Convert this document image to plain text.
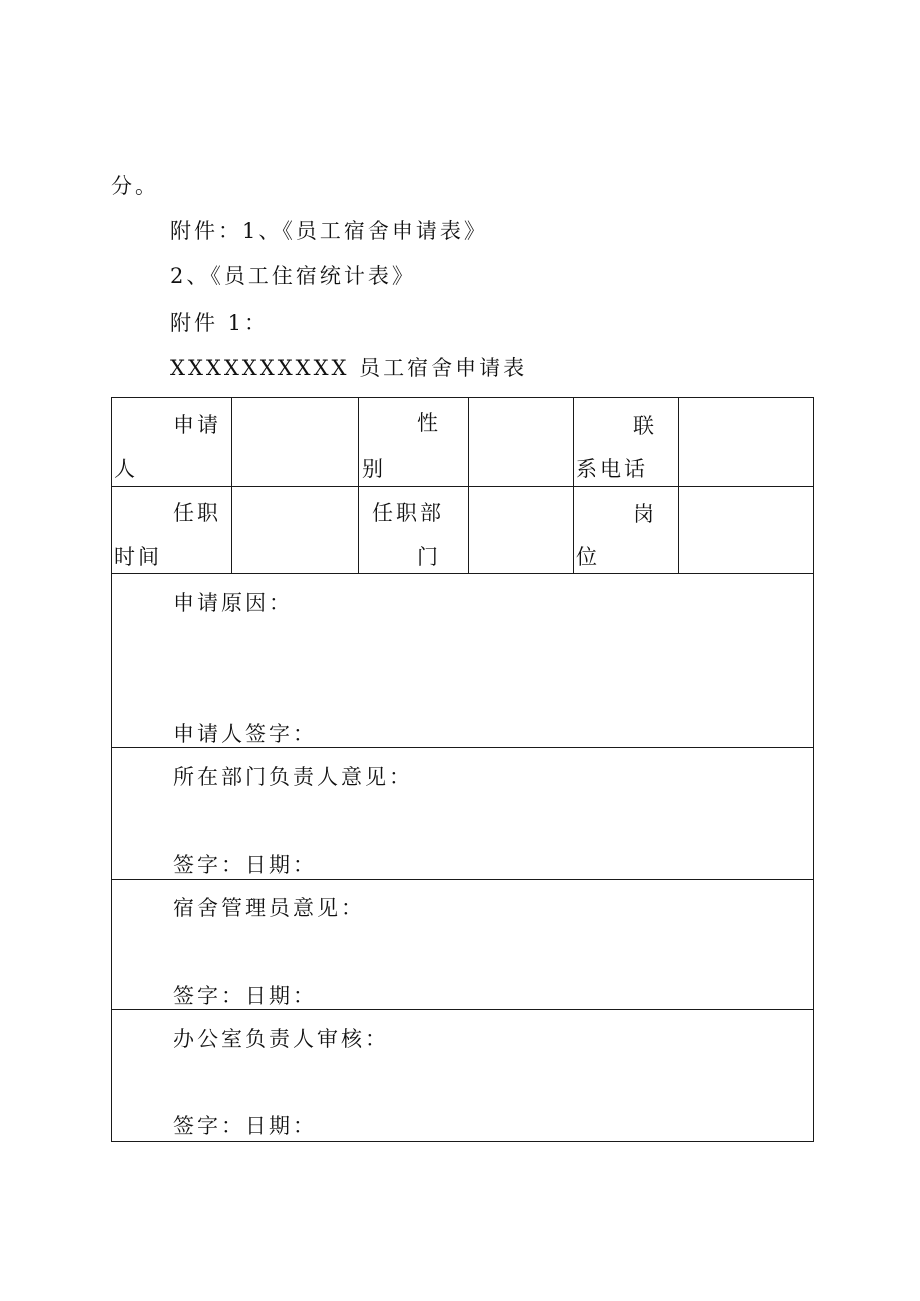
分。
附件：1、《员工宿舍申请表》
2、《员工住宿统计表》
附件 1：
XXXXXXXXXX 员工宿舍申请表
申请
人
性
别
联
系电话
任职
时间
任职部
门
岗
位
申请原因：
申请人签字：
所在部门负责人意见：
签字：日期：
宿舍管理员意见：
签字：日期：
办公室负责人审核：
签字：日期：
